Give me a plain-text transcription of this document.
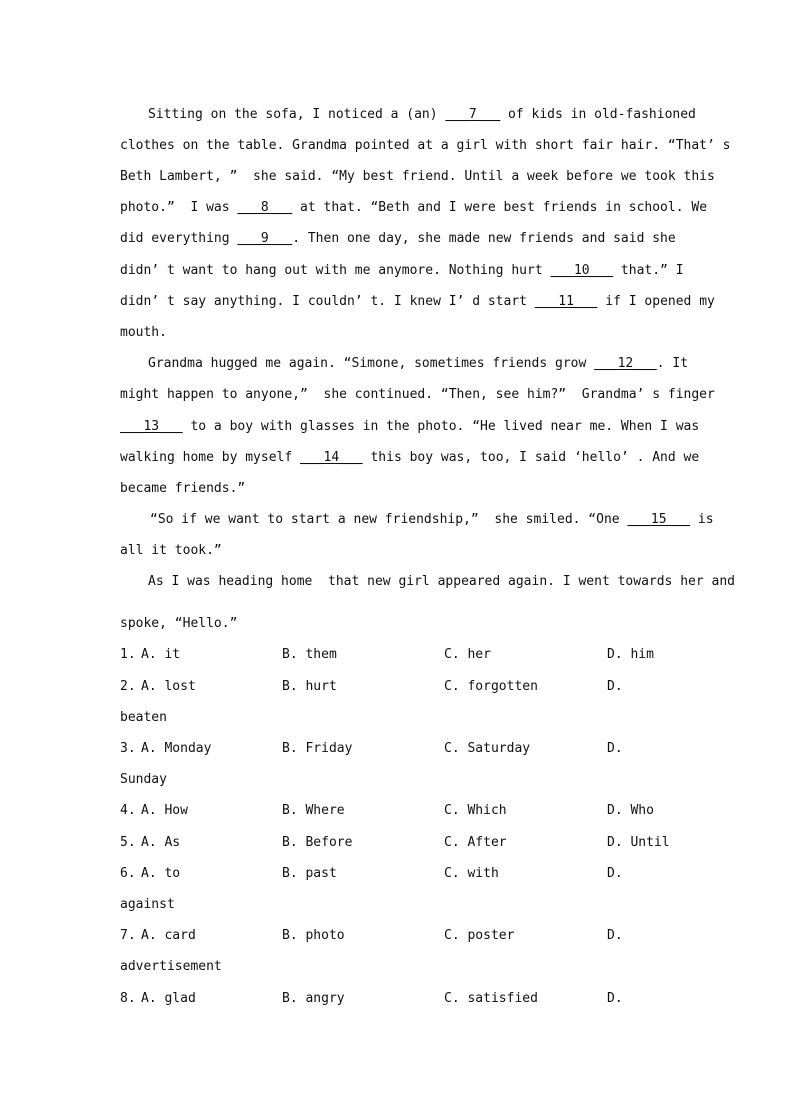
Sitting on the sofa, I noticed a (an) ___7___ of kids in old-fashioned
clothes on the table. Grandma pointed at a girl with short fair hair. “That’ s
Beth Lambert, ”  she said. “My best friend. Until a week before we took this
photo.”  I was ___8___ at that. “Beth and I were best friends in school. We
did everything ___9___. Then one day, she made new friends and said she
didn’ t want to hang out with me anymore. Nothing hurt ___10___ that.” I
didn’ t say anything. I couldn’ t. I knew I’ d start ___11___ if I opened my
mouth.
Grandma hugged me again. “Simone, sometimes friends grow ___12___. It
might happen to anyone,”  she continued. “Then, see him?”  Grandma’ s finger
___13___ to a boy with glasses in the photo. “He lived near me. When I was
walking home by myself ___14___ this boy was, too, I said ‘hello’ . And we
became friends.”
“So if we want to start a new friendship,”  she smiled. “One ___15___ is
all it took.”
As I was heading home  that new girl appeared again. I went towards her and
spoke, “Hello.”
1. A. it	B. them	C. her	D. him
2. A. lost	B. hurt	C. forgotten	D.
beaten
3. A. Monday	B. Friday	C. Saturday	D.
Sunday
4. A. How	B. Where	C. Which	D. Who
5. A. As	B. Before	C. After	D. Until
6. A. to	B. past	C. with	D.
against
7. A. card	B. photo	C. poster	D.
advertisement
8. A. glad	B. angry	C. satisfied	D.
